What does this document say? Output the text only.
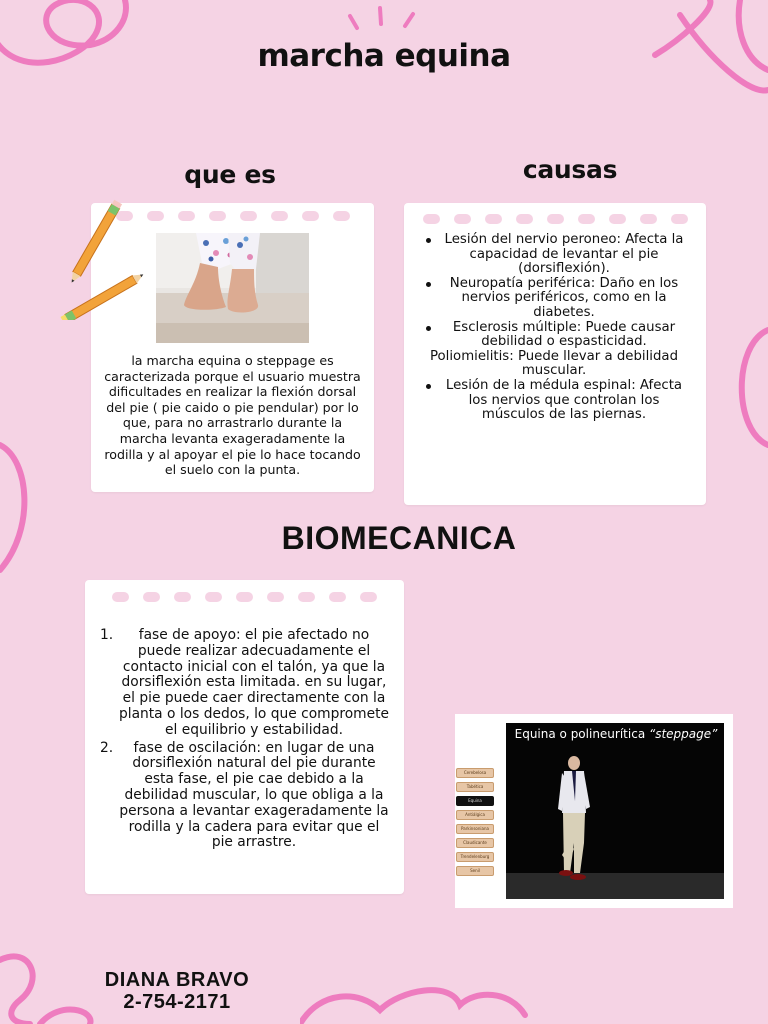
marcha equina
que es	causas
la marcha equina o steppage es caracterizada porque el usuario muestra dificultades en realizar la flexión dorsal del pie ( pie caido o pie pendular) por lo que, para no arrastrarlo durante la marcha levanta exageradamente la rodilla y al apoyar el pie lo hace tocando el suelo con la punta.
Lesión del nervio peroneo: Afecta la capacidad de levantar el pie (dorsiflexión).
Neuropatía periférica: Daño en los nervios periféricos, como en la diabetes.
Esclerosis múltiple: Puede causar debilidad o espasticidad.
Poliomielitis: Puede llevar a debilidad muscular.
Lesión de la médula espinal: Afecta los nervios que controlan los músculos de las piernas.
BIOMECANICA
1. fase de apoyo: el pie afectado no puede realizar adecuadamente el contacto inicial con el talón, ya que la dorsiflexión esta limitada. en su lugar, el pie puede caer directamente con la planta o los dedos, lo que compromete el equilibrio y estabilidad.
2. fase de oscilación: en lugar de una dorsiflexión natural del pie durante esta fase, el pie cae debido a la debilidad muscular, lo que obliga a la persona a levantar exageradamente la rodilla y la cadera para evitar que el pie arrastre.
Cerebelosa
Tabética
Equina
Antiálgica
Parkinsoniana
Claudicante
Trendelenburg
Senil
Equina o polineurítica “steppage”
DIANA BRAVO
2-754-2171
